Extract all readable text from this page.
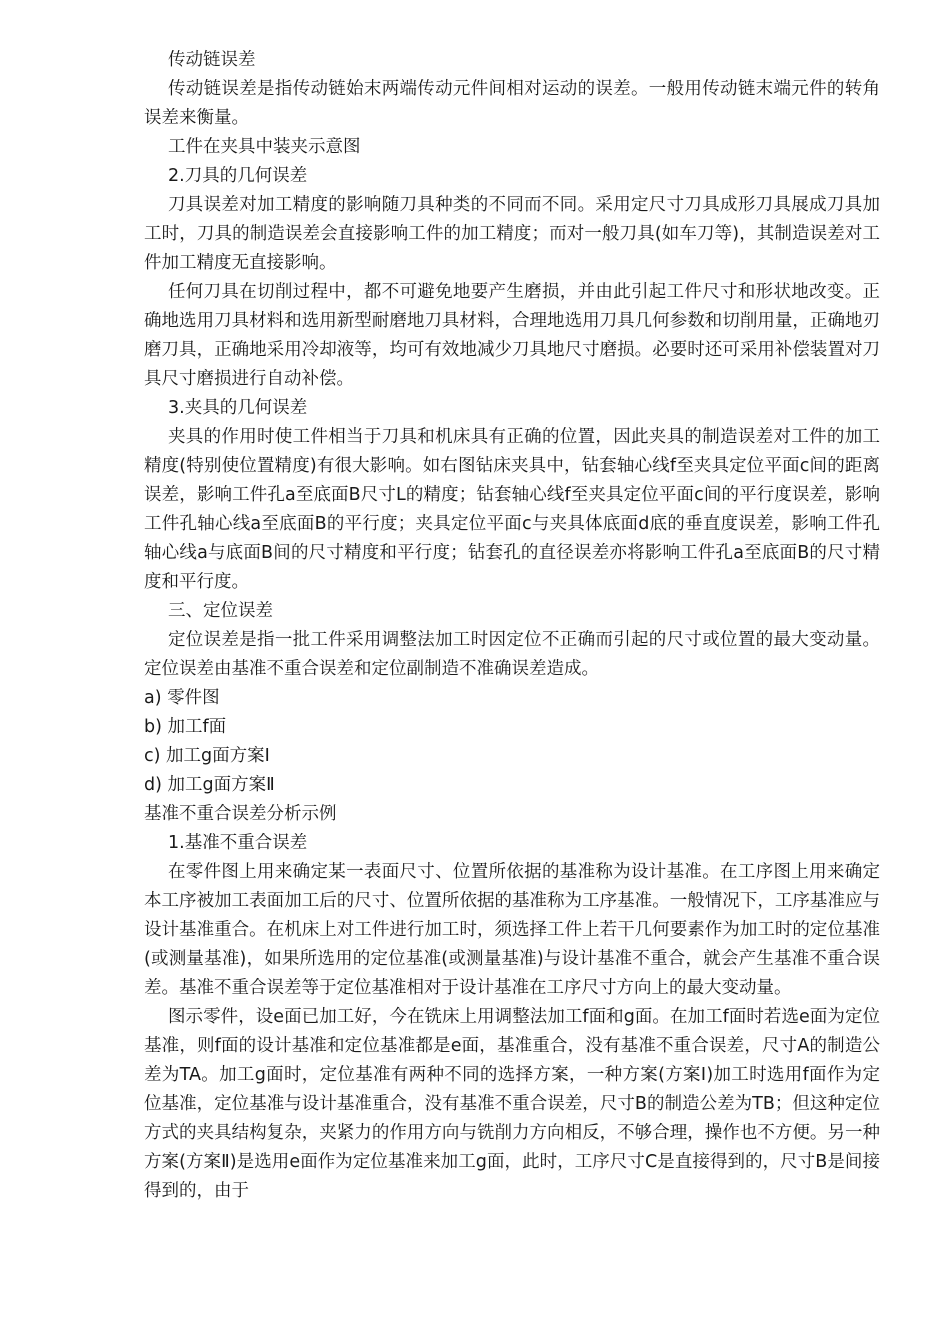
传动链误差

传动链误差是指传动链始末两端传动元件间相对运动的误差。一般用传动链末端元件的转角误差来衡量。

工件在夹具中装夹示意图

2.刀具的几何误差

刀具误差对加工精度的影响随刀具种类的不同而不同。采用定尺寸刀具成形刀具展成刀具加工时，刀具的制造误差会直接影响工件的加工精度；而对一般刀具(如车刀等)，其制造误差对工件加工精度无直接影响。

任何刀具在切削过程中，都不可避免地要产生磨损，并由此引起工件尺寸和形状地改变。正确地选用刀具材料和选用新型耐磨地刀具材料，合理地选用刀具几何参数和切削用量，正确地刃磨刀具，正确地采用冷却液等，均可有效地减少刀具地尺寸磨损。必要时还可采用补偿装置对刀具尺寸磨损进行自动补偿。

3.夹具的几何误差

夹具的作用时使工件相当于刀具和机床具有正确的位置，因此夹具的制造误差对工件的加工精度(特别使位置精度)有很大影响。如右图钻床夹具中，钻套轴心线f至夹具定位平面c间的距离误差，影响工件孔a至底面B尺寸L的精度；钻套轴心线f至夹具定位平面c间的平行度误差，影响工件孔轴心线a至底面B的平行度；夹具定位平面c与夹具体底面d底的垂直度误差，影响工件孔轴心线a与底面B间的尺寸精度和平行度；钻套孔的直径误差亦将影响工件孔a至底面B的尺寸精度和平行度。

三、定位误差

定位误差是指一批工件采用调整法加工时因定位不正确而引起的尺寸或位置的最大变动量。定位误差由基准不重合误差和定位副制造不准确误差造成。

a) 零件图

b) 加工f面

c) 加工g面方案Ⅰ

d) 加工g面方案Ⅱ

基准不重合误差分析示例

1.基准不重合误差

在零件图上用来确定某一表面尺寸、位置所依据的基准称为设计基准。在工序图上用来确定本工序被加工表面加工后的尺寸、位置所依据的基准称为工序基准。一般情况下，工序基准应与设计基准重合。在机床上对工件进行加工时，须选择工件上若干几何要素作为加工时的定位基准(或测量基准)，如果所选用的定位基准(或测量基准)与设计基准不重合，就会产生基准不重合误差。基准不重合误差等于定位基准相对于设计基准在工序尺寸方向上的最大变动量。

图示零件，设e面已加工好，今在铣床上用调整法加工f面和g面。在加工f面时若选e面为定位基准，则f面的设计基准和定位基准都是e面，基准重合，没有基准不重合误差，尺寸A的制造公差为TA。加工g面时，定位基准有两种不同的选择方案，一种方案(方案Ⅰ)加工时选用f面作为定位基准，定位基准与设计基准重合，没有基准不重合误差，尺寸B的制造公差为TB；但这种定位方式的夹具结构复杂，夹紧力的作用方向与铣削力方向相反，不够合理，操作也不方便。另一种方案(方案Ⅱ)是选用e面作为定位基准来加工g面，此时，工序尺寸C是直接得到的，尺寸B是间接得到的，由于
